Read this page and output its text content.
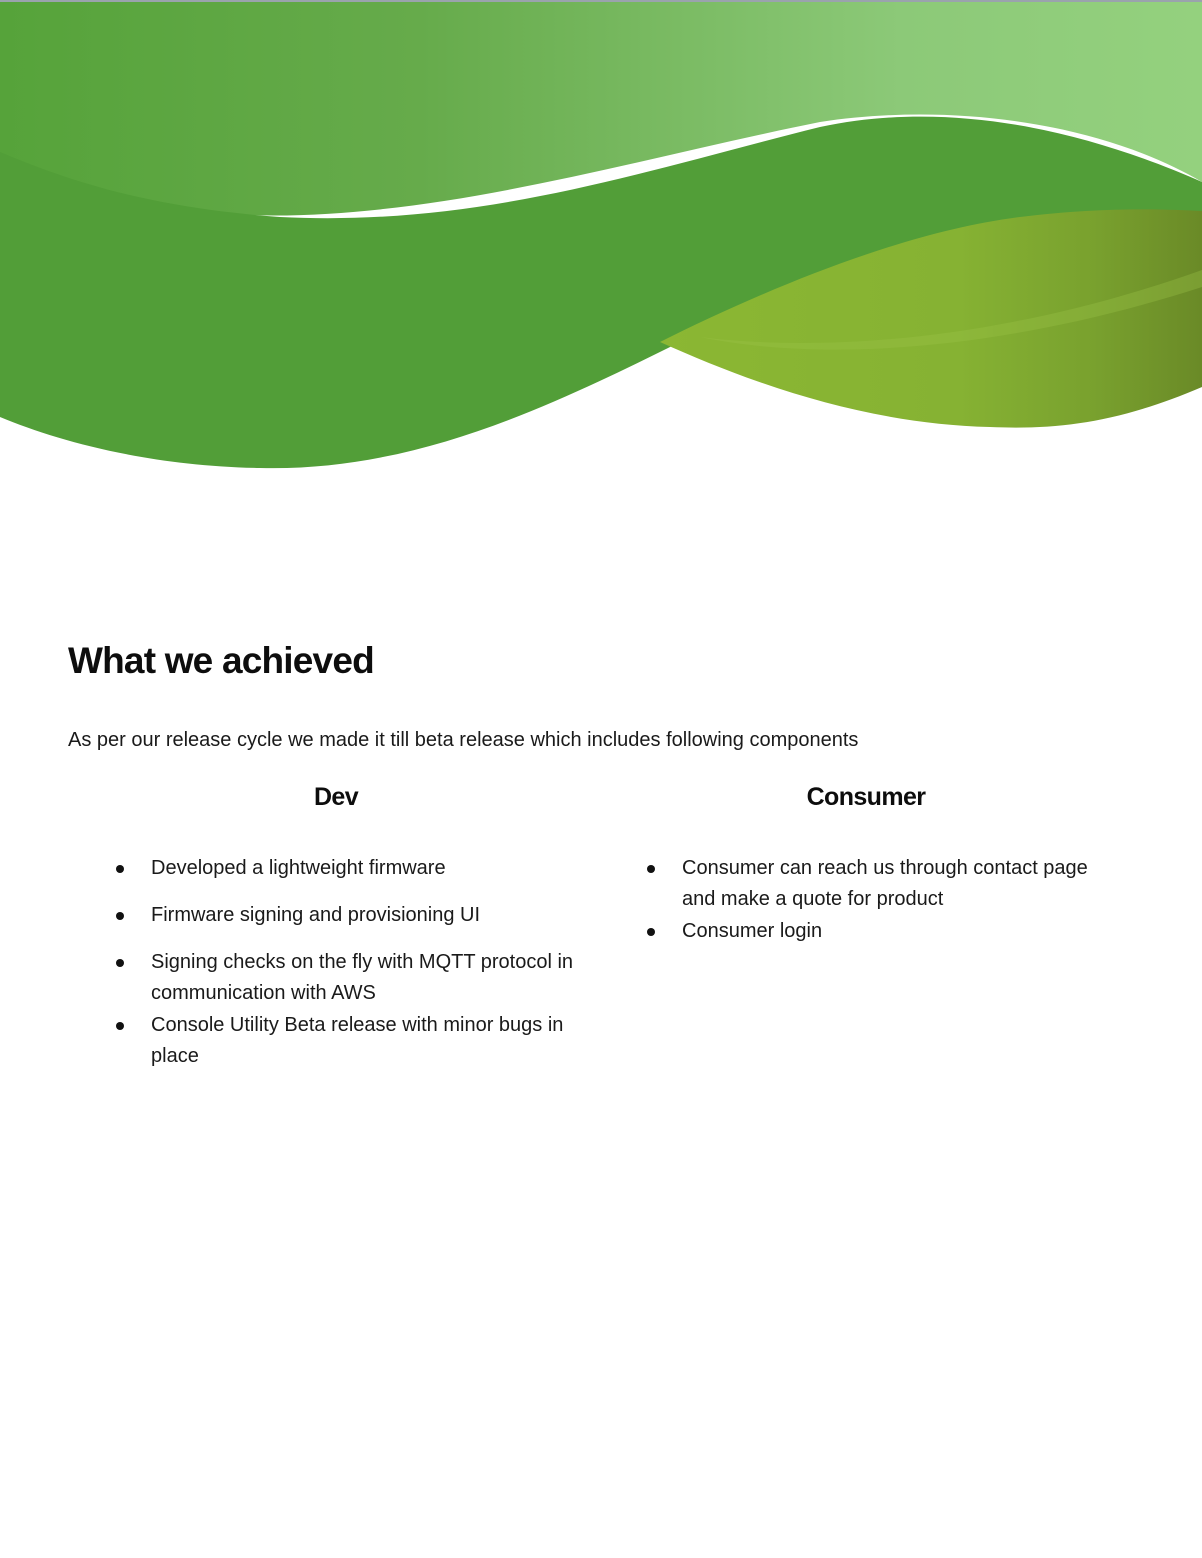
What we achieved

As per our release cycle we made it till beta release which includes following components

Dev	Consumer
Developed a lightweight firmware
Firmware signing and provisioning UI
Signing checks on the fly with MQTT protocol in communication with AWS
Console Utility Beta release with minor bugs in place
Consumer can reach us through contact page and make a quote for product
Consumer login
